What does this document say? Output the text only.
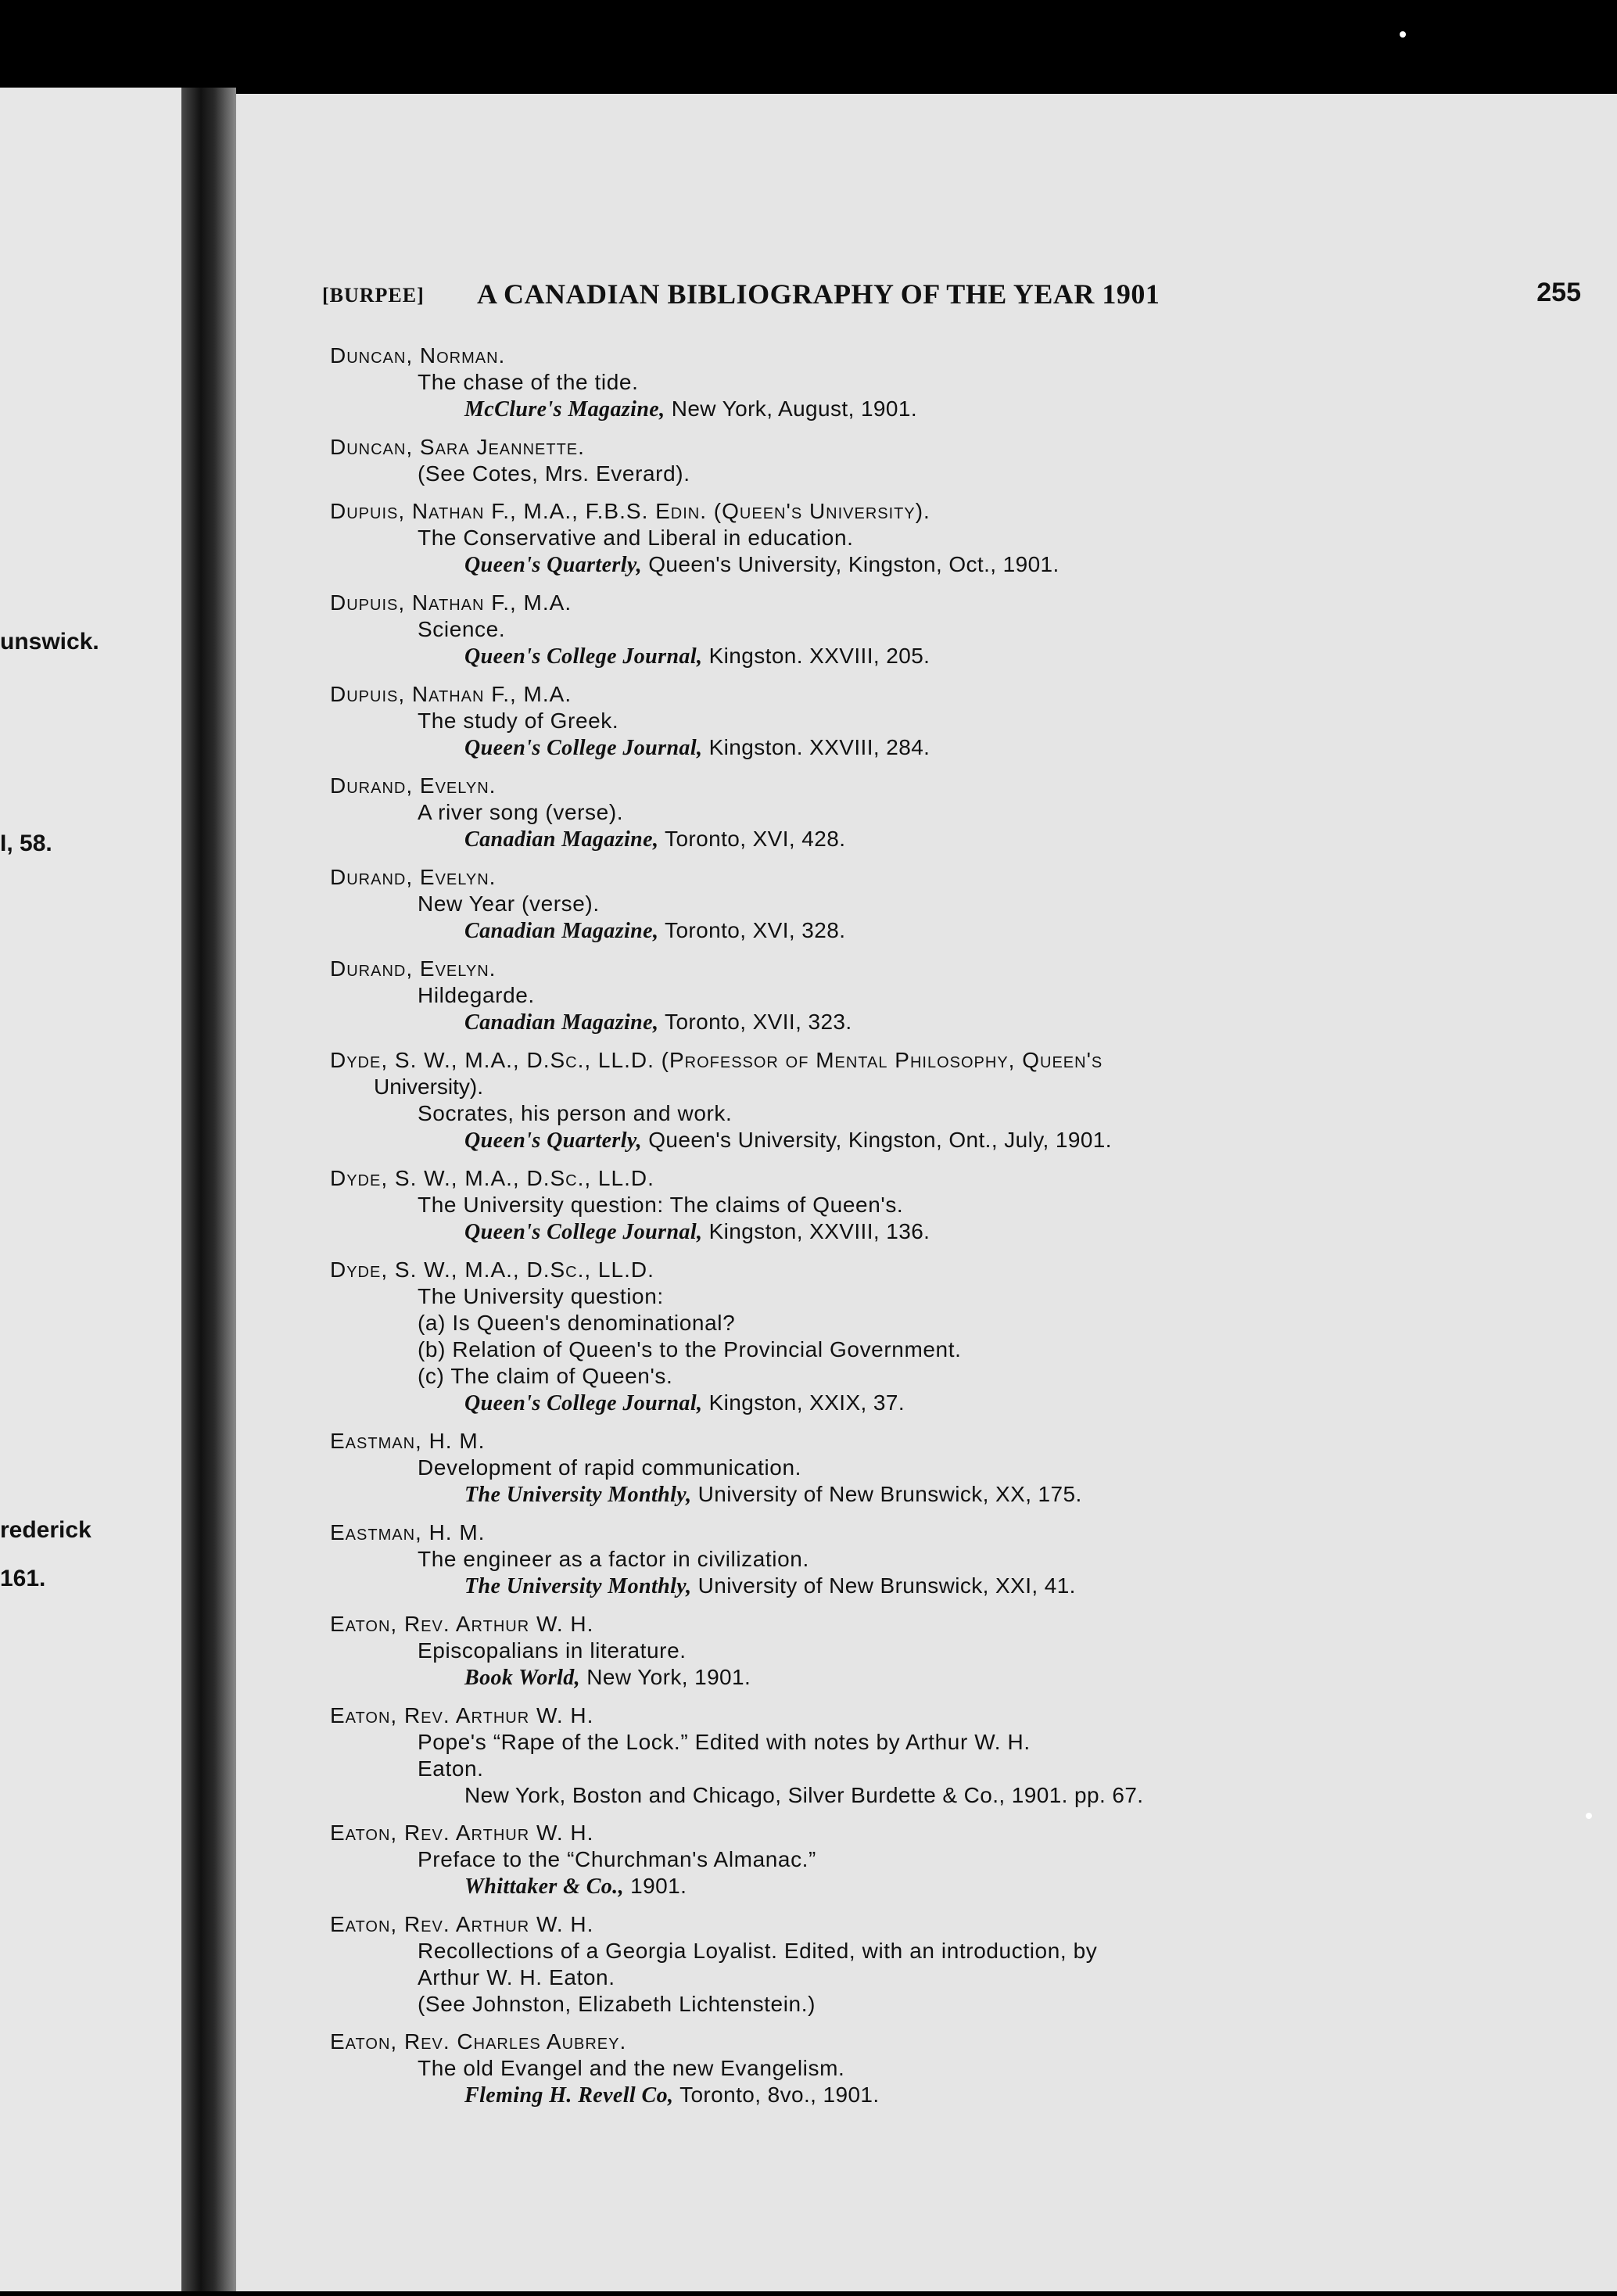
unswick.
I, 58.
rederick
161.
[BURPEE] A CANADIAN BIBLIOGRAPHY OF THE YEAR 1901	255
Duncan, Norman.
The chase of the tide.
McClure's Magazine, New York, August, 1901.
Duncan, Sara Jeannette.
(See Cotes, Mrs. Everard).
Dupuis, Nathan F., M.A., F.B.S. Edin. (Queen's University).
The Conservative and Liberal in education.
Queen's Quarterly, Queen's University, Kingston, Oct., 1901.
Dupuis, Nathan F., M.A.
Science.
Queen's College Journal, Kingston. XXVIII, 205.
Dupuis, Nathan F., M.A.
The study of Greek.
Queen's College Journal, Kingston. XXVIII, 284.
Durand, Evelyn.
A river song (verse).
Canadian Magazine, Toronto, XVI, 428.
Durand, Evelyn.
New Year (verse).
Canadian Magazine, Toronto, XVI, 328.
Durand, Evelyn.
Hildegarde.
Canadian Magazine, Toronto, XVII, 323.
Dyde, S. W., M.A., D.Sc., LL.D. (Professor of Mental Philosophy, Queen's
University).
Socrates, his person and work.
Queen's Quarterly, Queen's University, Kingston, Ont., July, 1901.
Dyde, S. W., M.A., D.Sc., LL.D.
The University question: The claims of Queen's.
Queen's College Journal, Kingston, XXVIII, 136.
Dyde, S. W., M.A., D.Sc., LL.D.
The University question:
(a) Is Queen's denominational?
(b) Relation of Queen's to the Provincial Government.
(c) The claim of Queen's.
Queen's College Journal, Kingston, XXIX, 37.
Eastman, H. M.
Development of rapid communication.
The University Monthly, University of New Brunswick, XX, 175.
Eastman, H. M.
The engineer as a factor in civilization.
The University Monthly, University of New Brunswick, XXI, 41.
Eaton, Rev. Arthur W. H.
Episcopalians in literature.
Book World, New York, 1901.
Eaton, Rev. Arthur W. H.
Pope's “Rape of the Lock.” Edited with notes by Arthur W. H.
Eaton.
New York, Boston and Chicago, Silver Burdette & Co., 1901. pp. 67.
Eaton, Rev. Arthur W. H.
Preface to the “Churchman's Almanac.”
Whittaker & Co., 1901.
Eaton, Rev. Arthur W. H.
Recollections of a Georgia Loyalist. Edited, with an introduction, by
Arthur W. H. Eaton.
(See Johnston, Elizabeth Lichtenstein.)
Eaton, Rev. Charles Aubrey.
The old Evangel and the new Evangelism.
Fleming H. Revell Co, Toronto, 8vo., 1901.
